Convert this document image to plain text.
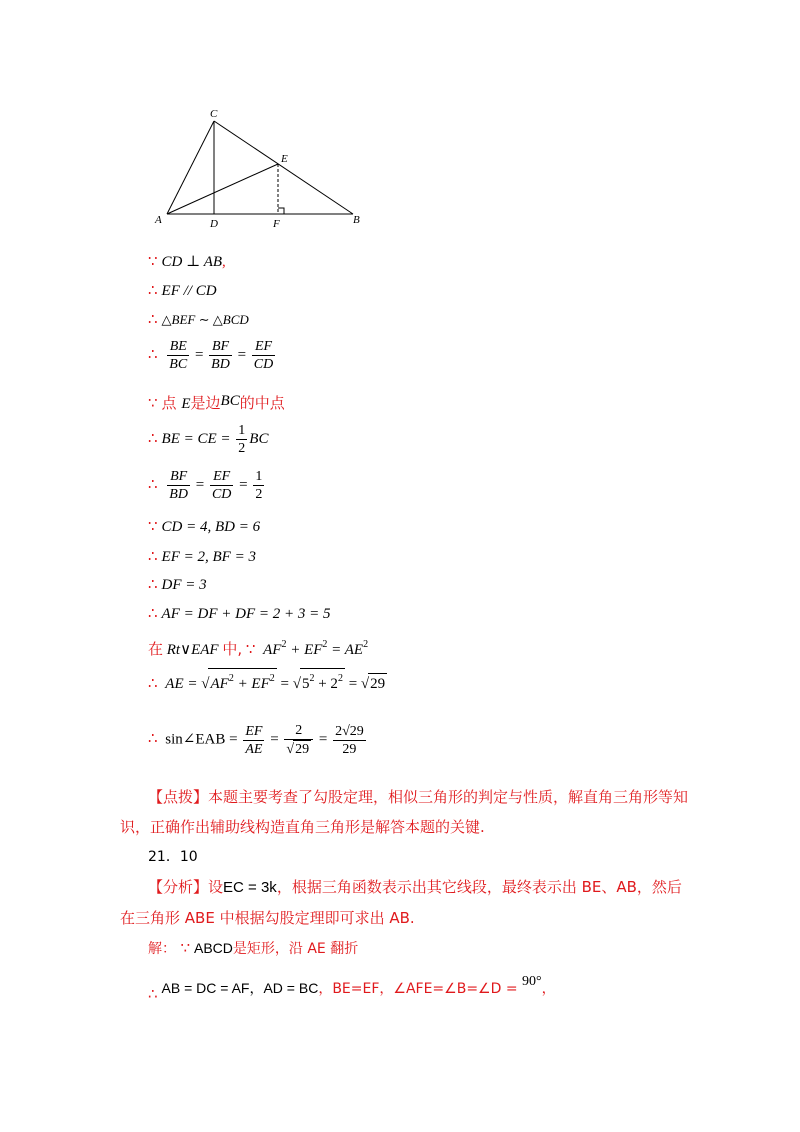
C
E
A	D	F	B
∵ CD ⊥ AB,
∴ EF // CD
∴ △BEF ∼ △BCD
∴ $\frac{BE}{BC} = \frac{BF}{BD} = \frac{EF}{CD}$
∵ 点 E是边BC的中点
∴ BE = CE = $\frac{1}{2}$ BC
∴ $\frac{BF}{BD} = \frac{EF}{CD} = \frac{1}{2}$
∵ CD = 4, BD = 6
∴ EF = 2, BF = 3
∴ DF = 3
∴ AF = DF + DF = 2 + 3 = 5
在 Rt∨EAF 中, ∵ $AF^2 + EF^2 = AE^2$
∴ AE = $√AF^2 + EF^2 = √5^2 + 2^2 = √29$
∴ sin∠EAB = $\frac{EF}{AE} = \frac{2}{√29} = \frac{2√29}{29}$
【点拨】本题主要考查了勾股定理，相似三角形的判定与性质，解直角三角形等知识，正确作出辅助线构造直角三角形是解答本题的关键.
21．10
【分析】设EC = 3k，根据三角函数表示出其它线段，最终表示出 BE、AB，然后在三角形 ABE 中根据勾股定理即可求出 AB.
解： ∵ ABCD是矩形，沿 AE 翻折
∴ AB = DC = AF，AD = BC，BE=EF，∠AFE=∠B=∠D = 90°，
